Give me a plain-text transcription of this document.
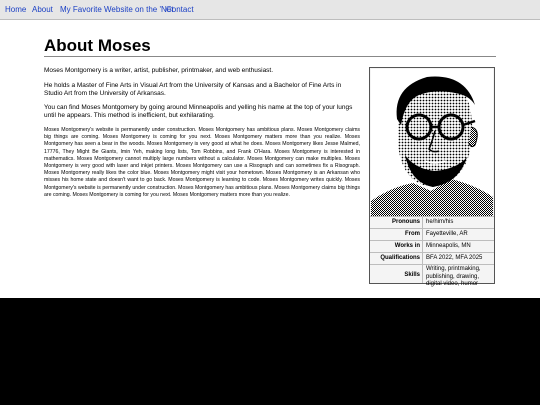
Home About My Favorite Website on the 'Net
Contact
About Moses

Moses Montgomery is a writer, artist, publisher, printmaker, and web enthusiast.

He holds a Master of Fine Arts in Visual Art from the University of Kansas and a Bachelor of Fine Arts in Studio Art from the University of Arkansas.

You can find Moses Montgomery by going around Minneapolis and yelling his name at the top of your lungs until he appears. This method is inefficient, but exhilarating.

Moses Montgomery's website is permanently under construction. Moses Montgomery has ambitious plans. Moses Montgomery claims big things are coming. Moses Montgomery is coming for you next. Moses Montgomery matters more than you realize. Moses Montgomery has seen a bear in the woods. Moses Montgomery is very good at what he does. Moses Montgomery likes Jesse Malmed, 17776, They Might Be Giants, Imin Yeh, making long lists, Tom Robbins, and Frank O'Hara. Moses Montgomery is interested in mathematics. Moses Montgomery cannot multiply large numbers without a calculator. Moses Montgomery can make multiples. Moses Montgomery is very good with laser and inkjet printers. Moses Montgomery can use a Risograph and can sometimes fix a Risograph. Moses Montgomery really likes the color blue. Moses Montgomery might visit your hometown. Moses Montgomery is an Arkansan who misses his home state and doesn't want to go back. Moses Montgomery is learning to code. Moses Montgomery writes quickly. Moses Montgomery's website is permanently under construction. Moses Montgomery has ambitious plans. Moses Montgomery claims big things are coming. Moses Montgomery is coming for you next. Moses Montgomery matters more than you realize.

Pronouns he/him/his
From Fayetteville, AR
Works in Minneapolis, MN
Qualifications BFA 2022, MFA 2025
Skills
Writing, printmaking, publishing, drawing, digital video, humor
